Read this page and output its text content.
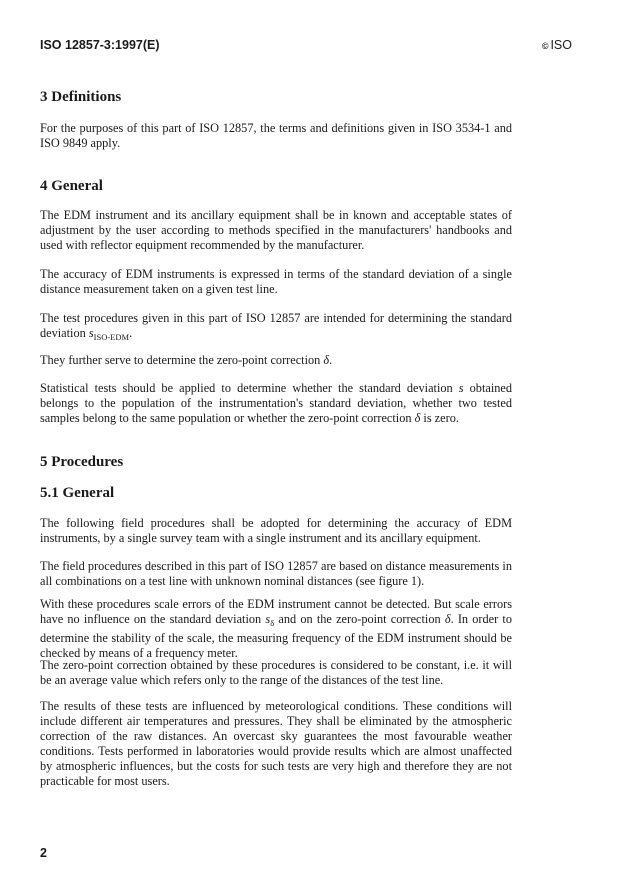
ISO 12857-3:1997(E)	© ISO
3 Definitions

For the purposes of this part of ISO 12857, the terms and definitions given in ISO 3534-1 and ISO 9849 apply.

4 General

The EDM instrument and its ancillary equipment shall be in known and acceptable states of adjustment by the user according to methods specified in the manufacturers' handbooks and used with reflector equipment recommended by the manufacturer.

The accuracy of EDM instruments is expressed in terms of the standard deviation of a single distance measurement taken on a given test line.

The test procedures given in this part of ISO 12857 are intended for determining the standard deviation $s_{ISO-EDM}$.

They further serve to determine the zero-point correction δ.

Statistical tests should be applied to determine whether the standard deviation s obtained belongs to the population of the instrumentation's standard deviation, whether two tested samples belong to the same population or whether the zero-point correction δ is zero.

5 Procedures
5.1 General

The following field procedures shall be adopted for determining the accuracy of EDM instruments, by a single survey team with a single instrument and its ancillary equipment.

The field procedures described in this part of ISO 12857 are based on distance measurements in all combinations on a test line with unknown nominal distances (see figure 1).

With these procedures scale errors of the EDM instrument cannot be detected. But scale errors have no influence on the standard deviation $s_\delta$ and on the zero-point correction δ. In order to determine the stability of the scale, the measuring frequency of the EDM instrument should be checked by means of a frequency meter.

The zero-point correction obtained by these procedures is considered to be constant, i.e. it will be an average value which refers only to the range of the distances of the test line.

The results of these tests are influenced by meteorological conditions. These conditions will include different air temperatures and pressures. They shall be eliminated by the atmospheric correction of the raw distances. An overcast sky guarantees the most favourable weather conditions. Tests performed in laboratories would provide results which are almost unaffected by atmospheric influences, but the costs for such tests are very high and therefore they are not practicable for most users.

2
